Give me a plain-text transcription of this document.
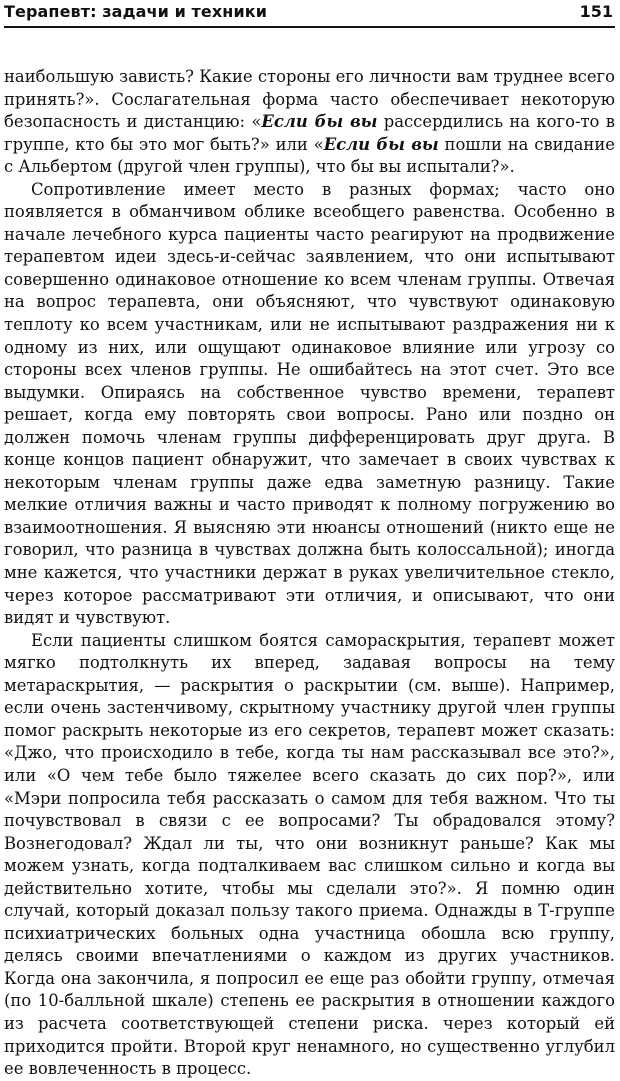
Терапевт: задачи и техники	151

наибольшую зависть? Какие стороны его личности вам труднее всего принять?». Сослагательная форма часто обеспечивает некоторую безопасность и дистанцию: «Если бы вы рассердились на кого-то в группе, кто бы это мог быть?» или «Если бы вы пошли на свидание с Альбертом (другой член группы), что бы вы испытали?».

Сопротивление имеет место в разных формах; часто оно появляется в обманчивом облике всеобщего равенства. Особенно в начале лечебного курса пациенты часто реагируют на продвижение терапевтом идеи здесь-и-сейчас заявлением, что они испытывают совершенно одинаковое отношение ко всем членам группы. Отвечая на вопрос терапевта, они объясняют, что чувствуют одинаковую теплоту ко всем участникам, или не испытывают раздражения ни к одному из них, или ощущают одинаковое влияние или угрозу со стороны всех членов группы. Не ошибайтесь на этот счет. Это все выдумки. Опираясь на собственное чувство времени, терапевт решает, когда ему повторять свои вопросы. Рано или поздно он должен помочь членам группы дифференцировать друг друга. В конце концов пациент обнаружит, что замечает в своих чувствах к некоторым членам группы даже едва заметную разницу. Такие мелкие отличия важны и часто приводят к полному погружению во взаимоотношения. Я выясняю эти нюансы отношений (никто еще не говорил, что разница в чувствах должна быть колоссальной); иногда мне кажется, что участники держат в руках увеличительное стекло, через которое рассматривают эти отличия, и описывают, что они видят и чувствуют.

Если пациенты слишком боятся самораскрытия, терапевт может мягко подтолкнуть их вперед, задавая вопросы на тему метараскрытия, — раскрытия о раскрытии (см. выше). Например, если очень застенчивому, скрытному участнику другой член группы помог раскрыть некоторые из его секретов, терапевт может сказать: «Джо, что происходило в тебе, когда ты нам рассказывал все это?», или «О чем тебе было тяжелее всего сказать до сих пор?», или «Мэри попросила тебя рассказать о самом для тебя важном. Что ты почувствовал в связи с ее вопросами? Ты обрадовался этому? Вознегодовал? Ждал ли ты, что они возникнут раньше? Как мы можем узнать, когда подталкиваем вас слишком сильно и когда вы действительно хотите, чтобы мы сделали это?». Я помню один случай, который доказал пользу такого приема. Однажды в Т-группе психиатрических больных одна участница обошла всю группу, делясь своими впечатлениями о каждом из других участников. Когда она закончила, я попросил ее еще раз обойти группу, отмечая (по 10-балльной шкале) степень ее раскрытия в отношении каждого из расчета соответствующей степени риска. через который ей приходится пройти. Второй круг ненамного, но существенно углубил ее вовлеченность в процесс.
